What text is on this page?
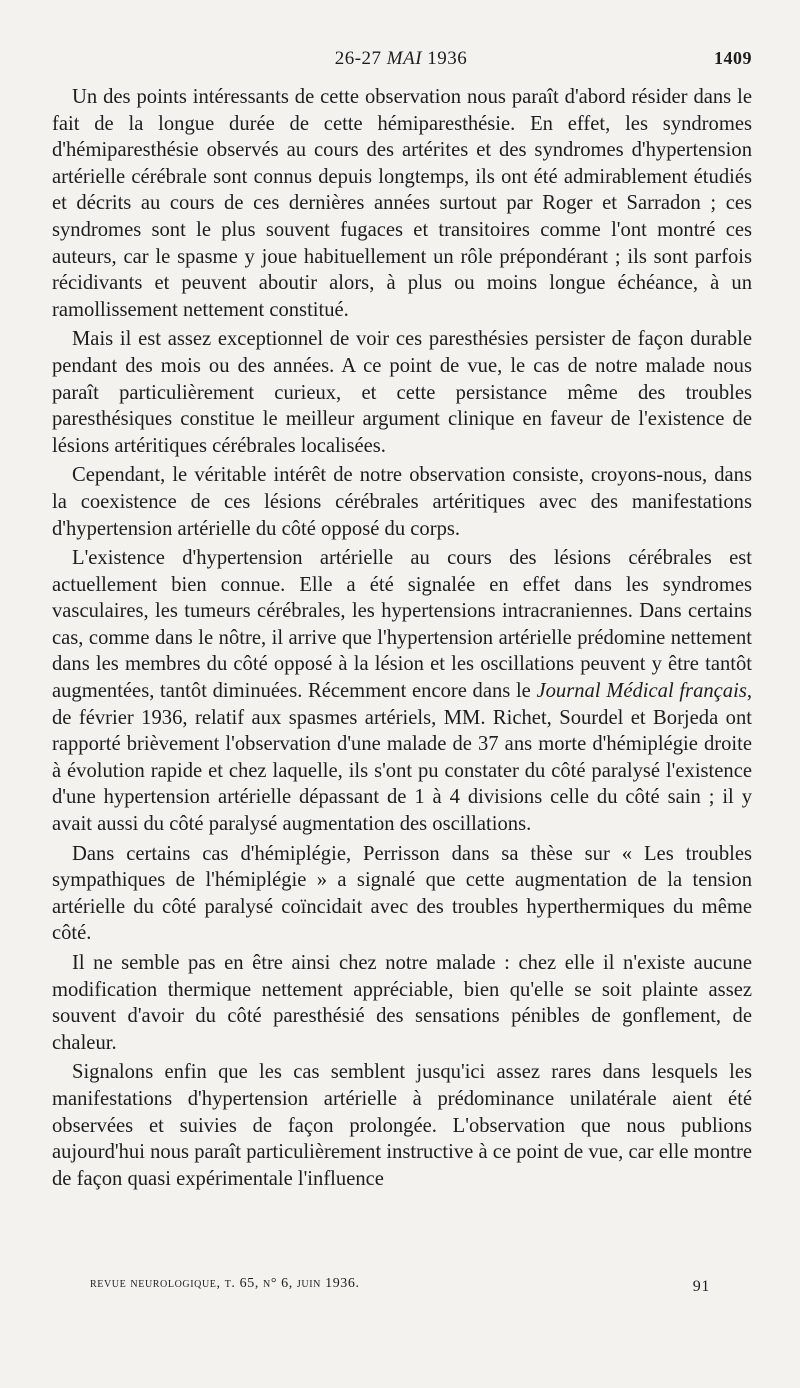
26-27 MAI 1936	1409

Un des points intéressants de cette observation nous paraît d'abord résider dans le fait de la longue durée de cette hémiparesthésie. En effet, les syndromes d'hémiparesthésie observés au cours des artérites et des syndromes d'hypertension artérielle cérébrale sont connus depuis longtemps, ils ont été admirablement étudiés et décrits au cours de ces dernières années surtout par Roger et Sarradon ; ces syndromes sont le plus souvent fugaces et transitoires comme l'ont montré ces auteurs, car le spasme y joue habituellement un rôle prépondérant ; ils sont parfois récidivants et peuvent aboutir alors, à plus ou moins longue échéance, à un ramollissement nettement constitué.

Mais il est assez exceptionnel de voir ces paresthésies persister de façon durable pendant des mois ou des années. A ce point de vue, le cas de notre malade nous paraît particulièrement curieux, et cette persistance même des troubles paresthésiques constitue le meilleur argument clinique en faveur de l'existence de lésions artéritiques cérébrales localisées.

Cependant, le véritable intérêt de notre observation consiste, croyons-nous, dans la coexistence de ces lésions cérébrales artéritiques avec des manifestations d'hypertension artérielle du côté opposé du corps.

L'existence d'hypertension artérielle au cours des lésions cérébrales est actuellement bien connue. Elle a été signalée en effet dans les syndromes vasculaires, les tumeurs cérébrales, les hypertensions intracraniennes. Dans certains cas, comme dans le nôtre, il arrive que l'hypertension artérielle prédomine nettement dans les membres du côté opposé à la lésion et les oscillations peuvent y être tantôt augmentées, tantôt diminuées. Récemment encore dans le Journal Médical français, de février 1936, relatif aux spasmes artériels, MM. Richet, Sourdel et Borjeda ont rapporté brièvement l'observation d'une malade de 37 ans morte d'hémiplégie droite à évolution rapide et chez laquelle, ils s'ont pu constater du côté paralysé l'existence d'une hypertension artérielle dépassant de 1 à 4 divisions celle du côté sain ; il y avait aussi du côté paralysé augmentation des oscillations.

Dans certains cas d'hémiplégie, Perrisson dans sa thèse sur « Les troubles sympathiques de l'hémiplégie » a signalé que cette augmentation de la tension artérielle du côté paralysé coïncidait avec des troubles hyperthermiques du même côté.

Il ne semble pas en être ainsi chez notre malade : chez elle il n'existe aucune modification thermique nettement appréciable, bien qu'elle se soit plainte assez souvent d'avoir du côté paresthésié des sensations pénibles de gonflement, de chaleur.

Signalons enfin que les cas semblent jusqu'ici assez rares dans lesquels les manifestations d'hypertension artérielle à prédominance unilatérale aient été observées et suivies de façon prolongée. L'observation que nous publions aujourd'hui nous paraît particulièrement instructive à ce point de vue, car elle montre de façon quasi expérimentale l'influence

revue neurologique, t. 65, n° 6, juin 1936.	91
